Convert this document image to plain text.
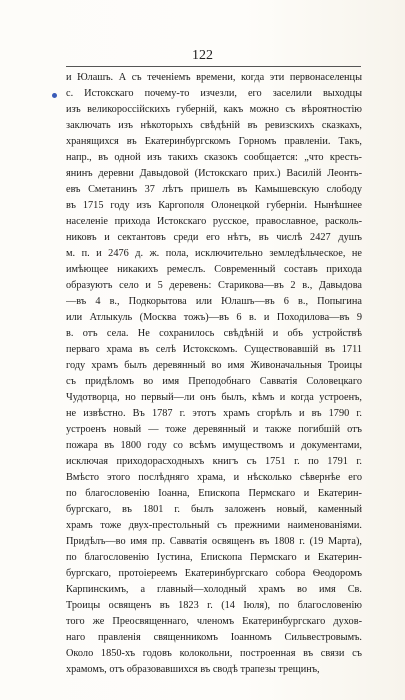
122
и Юлашъ. А съ теченіемъ времени, когда эти первонаселенцы
с. Истокскаго почему-то изчезли, его заселили выходцы
изъ великороссійскихъ губерній, какъ можно съ вѣроятностію
заключать изъ нѣкоторыхъ свѣдѣній въ ревизскихъ сказкахъ,
хранящихся въ Екатеринбургскомъ Горномъ правленіи. Такъ,
напр., въ одной изъ такихъ сказокъ сообщается: „что кресть-
янинъ деревни Давыдовой (Истокскаго прих.) Василій Леонть-
евъ Сметанинъ 37 лѣтъ пришелъ въ Камышевскую слободу
въ 1715 году изъ Каргополя Олонецкой губерніи. Нынѣшнее
населеніе прихода Истокскаго русское, православное, расколь-
никовъ и сектантовъ среди его нѣтъ, въ числѣ 2427 душъ
м. п. и 2476 д. ж. пола, исключительно земледѣльческое, не
имѣющее никакихъ ремеслъ. Современный составъ прихода
образуютъ село и 5 деревень: Старикова—въ 2 в., Давыдова
—въ 4 в., Подкорытова или Юлашъ—въ 6 в., Попыгина
или Атлыкуль (Москва тожъ)—въ 6 в. и Походилова—въ 9
в. отъ села. Не сохранилось свѣдѣній и объ устройствѣ
перваго храма въ селѣ Истокскомъ. Существовавшій въ 1711
году храмъ былъ деревянный во имя Живоначальныя Троицы
съ придѣломъ во имя Преподобнаго Савватія Соловецкаго
Чудотворца, но первый—ли онъ былъ, кѣмъ и когда устроенъ,
не извѣстно. Въ 1787 г. этотъ храмъ сгорѣлъ и въ 1790 г.
устроенъ новый — тоже деревянный и также погибшій отъ
пожара въ 1800 году со всѣмъ имуществомъ и документами,
исключая приходорасходныхъ книгъ съ 1751 г. по 1791 г.
Вмѣсто этого послѣдняго храма, и нѣсколько сѣвернѣе его
по благословенію Іоанна, Епископа Пермскаго и Екатерин-
бургскаго, въ 1801 г. былъ заложенъ новый, каменный
храмъ тоже двух-престольный съ прежними наименованіями.
Придѣлъ—во имя пр. Савватія освященъ въ 1808 г. (19 Марта),
по благословенію Іустина, Епископа Пермскаго и Екатерин-
бургскаго, протоіереемъ Екатеринбургскаго собора Ѳеодоромъ
Карпинскимъ, а главный—холодный храмъ во имя Св.
Троицы освященъ въ 1823 г. (14 Іюля), по благословенію
того же Преосвященнаго, членомъ Екатеринбургскаго духов-
наго правленія священникомъ Іоанномъ Сильвестровымъ.
Около 1850-хъ годовъ колокольни, построенная въ связи съ
храмомъ, отъ образовавшихся въ сводѣ трапезы трещинъ,
